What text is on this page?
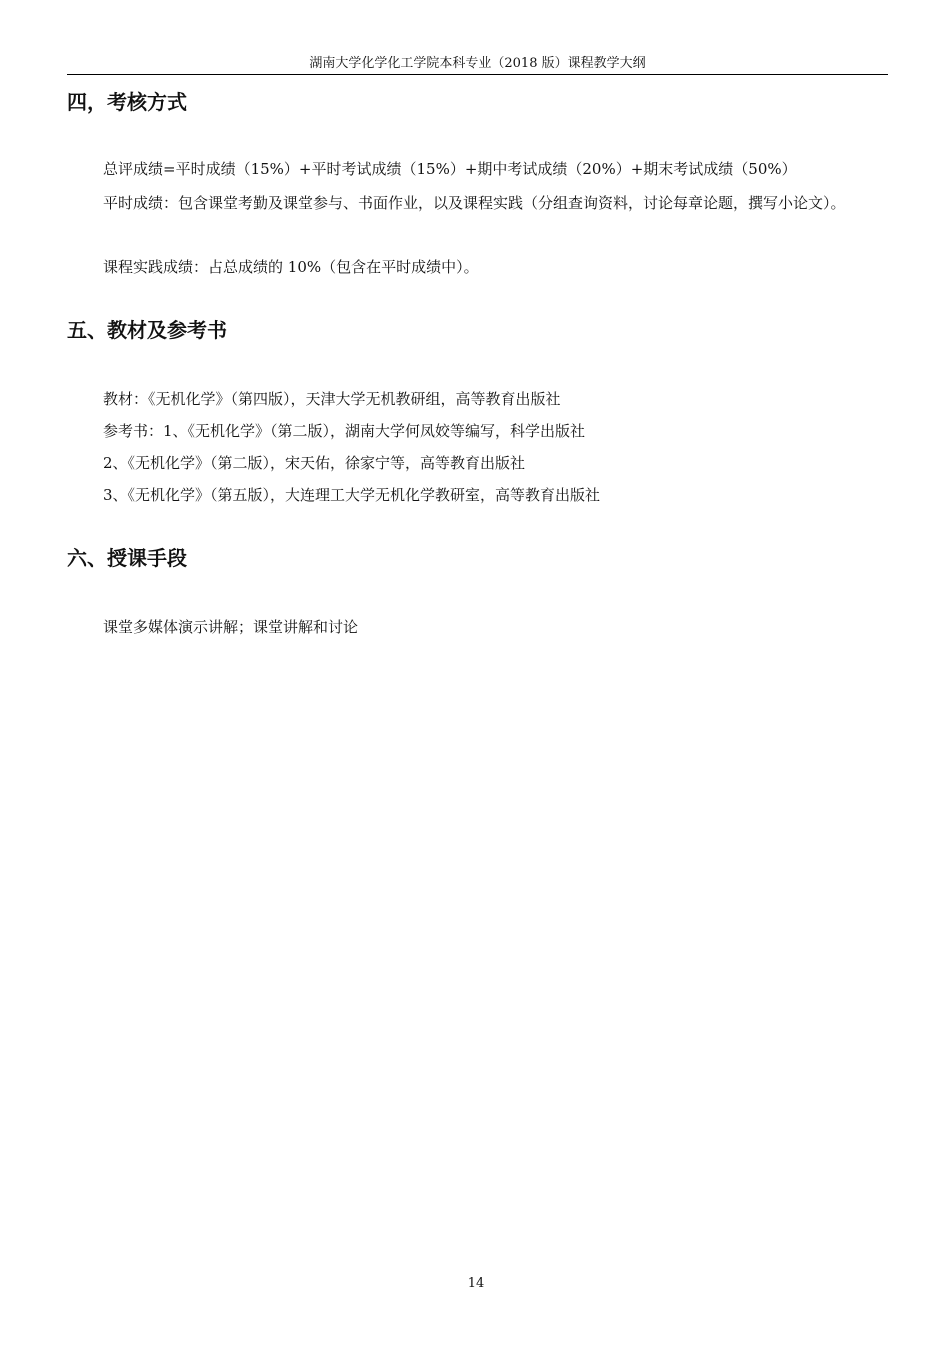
湖南大学化学化工学院本科专业（2018 版）课程教学大纲
四，考核方式

总评成绩=平时成绩（15%）+平时考试成绩（15%）+期中考试成绩（20%）+期末考试成绩（50%）

平时成绩：包含课堂考勤及课堂参与、书面作业，以及课程实践（分组查询资料，讨论每章论题，撰写小论文）。

课程实践成绩：占总成绩的 10%（包含在平时成绩中）。

五、教材及参考书

教材：《无机化学》（第四版），天津大学无机教研组，高等教育出版社

参考书：1、《无机化学》（第二版），湖南大学何凤姣等编写，科学出版社

2、《无机化学》（第二版），宋天佑，徐家宁等，高等教育出版社

3、《无机化学》（第五版），大连理工大学无机化学教研室，高等教育出版社

六、授课手段

课堂多媒体演示讲解；课堂讲解和讨论

14
